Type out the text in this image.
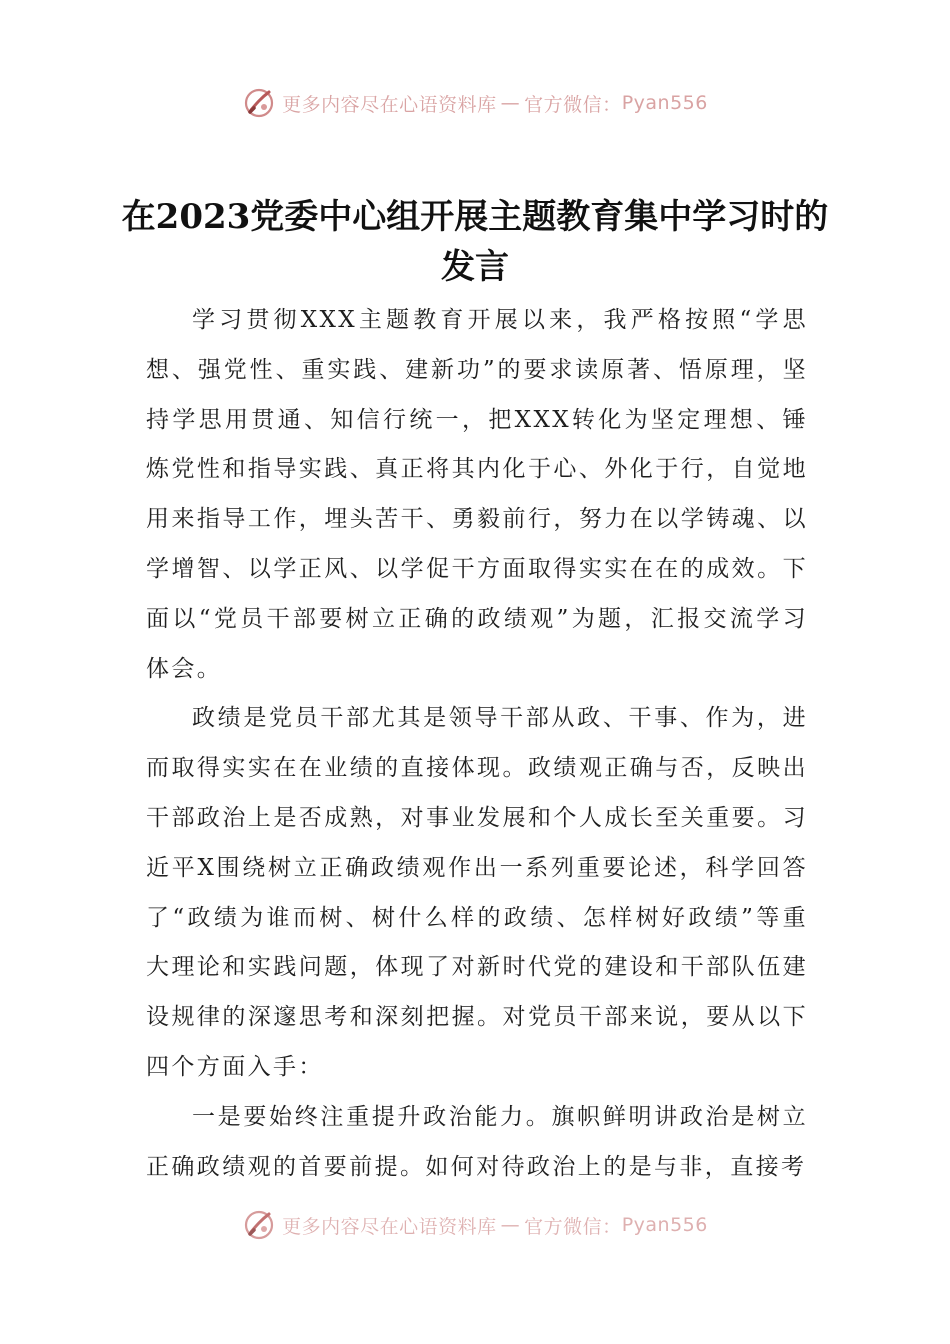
更多内容尽在心语资料库 — 官方微信： Pyan556
在2023党委中心组开展主题教育集中学习时的发言

学习贯彻XXX主题教育开展以来，我严格按照“学思想、强党性、重实践、建新功”的要求读原著、悟原理，坚持学思用贯通、知信行统一，把XXX转化为坚定理想、锤炼党性和指导实践、真正将其内化于心、外化于行，自觉地用来指导工作，埋头苦干、勇毅前行，努力在以学铸魂、以学增智、以学正风、以学促干方面取得实实在在的成效。下面以“党员干部要树立正确的政绩观”为题，汇报交流学习体会。

政绩是党员干部尤其是领导干部从政、干事、作为，进而取得实实在在业绩的直接体现。政绩观正确与否，反映出干部政治上是否成熟，对事业发展和个人成长至关重要。习近平X围绕树立正确政绩观作出一系列重要论述，科学回答了“政绩为谁而树、树什么样的政绩、怎样树好政绩”等重大理论和实践问题，体现了对新时代党的建设和干部队伍建设规律的深邃思考和深刻把握。对党员干部来说，要从以下四个方面入手：

一是要始终注重提升政治能力。旗帜鲜明讲政治是树立正确政绩观的首要前提。如何对待政治上的是与非，直接考

更多内容尽在心语资料库 — 官方微信： Pyan556
